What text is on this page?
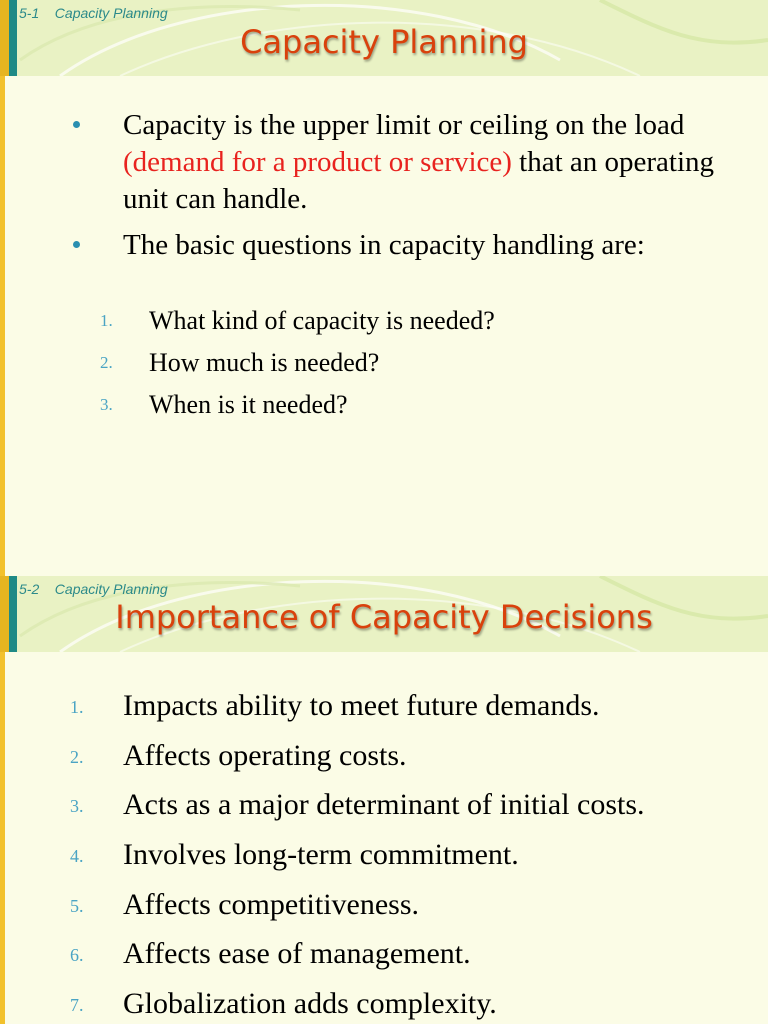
5-1 Capacity Planning
Capacity Planning
Capacity is the upper limit or ceiling on the load (demand for a product or service) that an operating unit can handle.
The basic questions in capacity handling are:
1. What kind of capacity is needed?
2. How much is needed?
3. When is it needed?
5-2 Capacity Planning
Importance of Capacity Decisions
1. Impacts ability to meet future demands.
2. Affects operating costs.
3. Acts as a major determinant of initial costs.
4. Involves long-term commitment.
5. Affects competitiveness.
6. Affects ease of management.
7. Globalization adds complexity.
